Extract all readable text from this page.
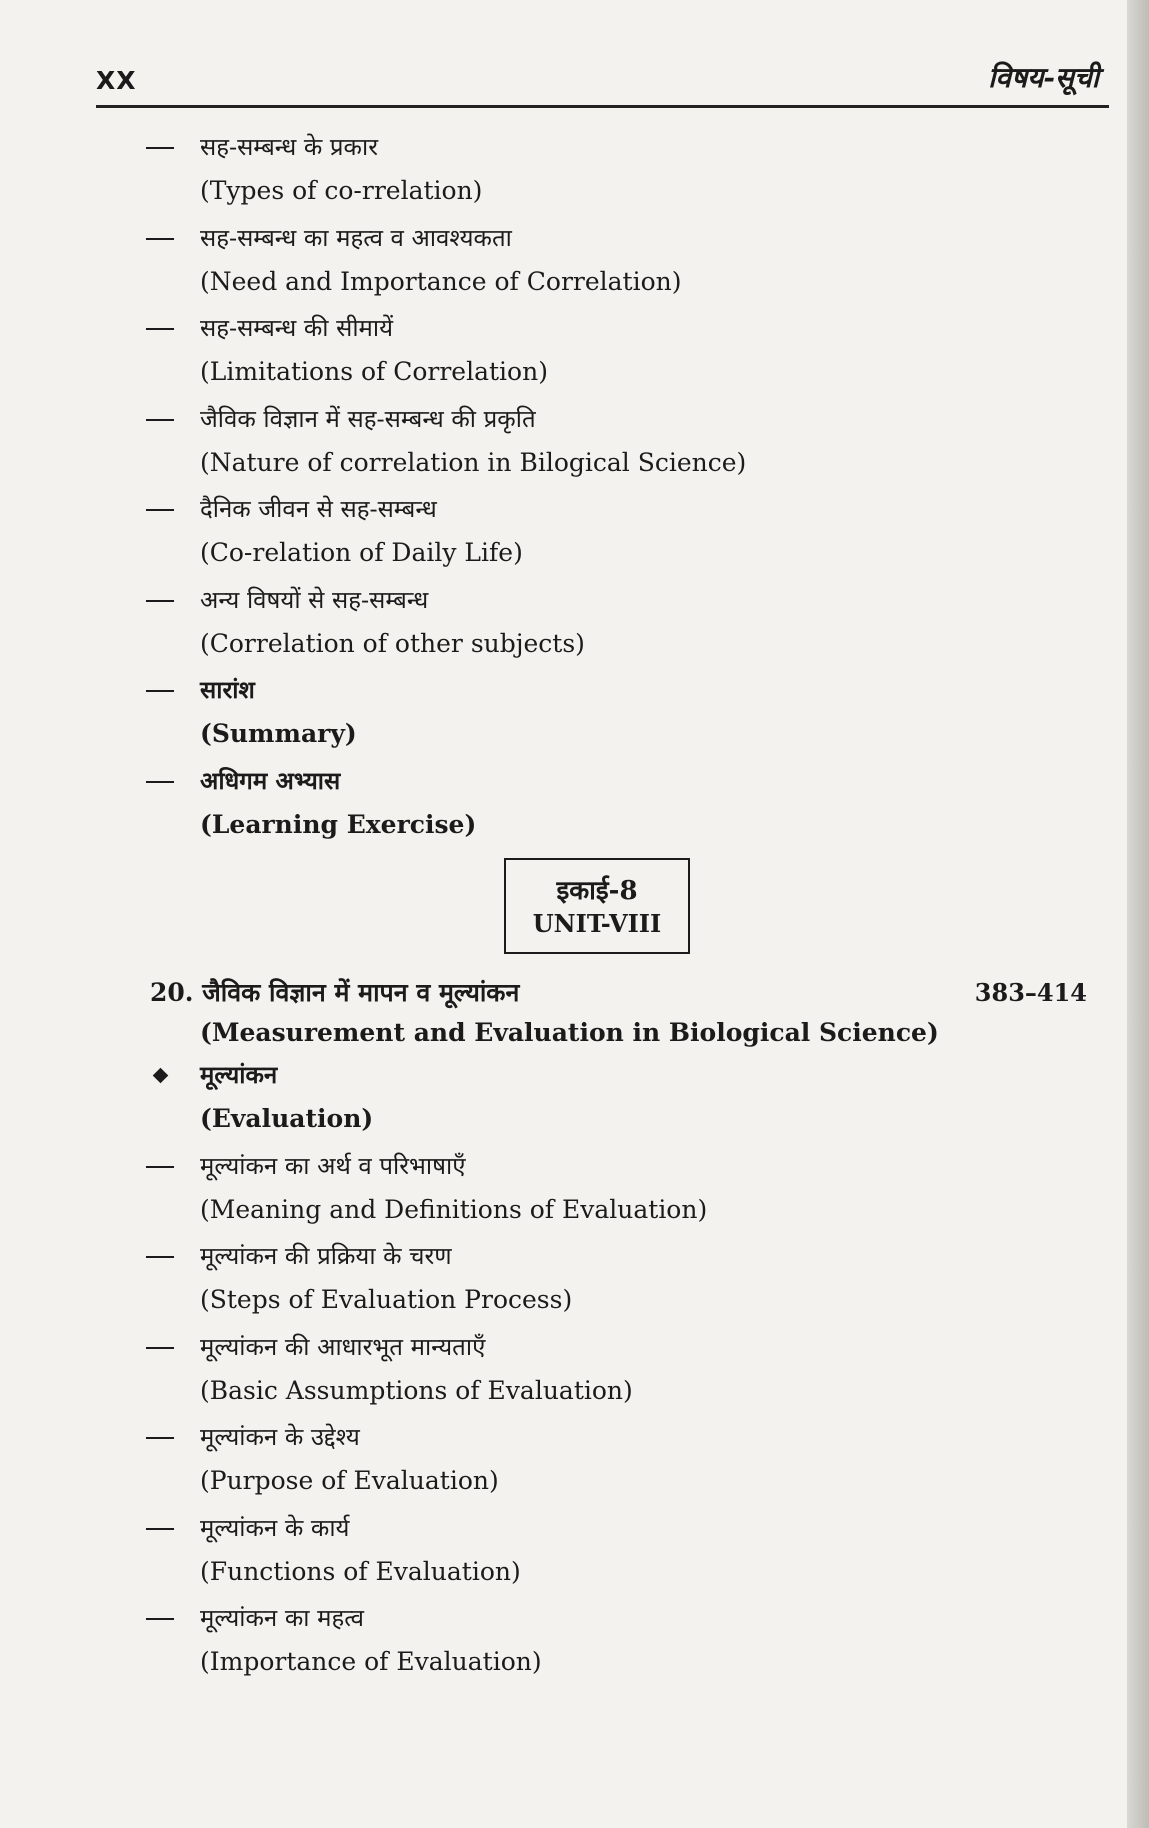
XX	विषय-सूची
सह-सम्बन्ध के प्रकार
(Types of co-rrelation)
सह-सम्बन्ध का महत्व व आवश्यकता
(Need and Importance of Correlation)
सह-सम्बन्ध की सीमायें
(Limitations of Correlation)
जैविक विज्ञान में सह-सम्बन्ध की प्रकृति
(Nature of correlation in Bilogical Science)
दैनिक जीवन से सह-सम्बन्ध
(Co-relation of Daily Life)
अन्य विषयों से सह-सम्बन्ध
(Correlation of other subjects)
सारांश
(Summary)
अधिगम अभ्यास
(Learning Exercise)
20. जैविक विज्ञान में मापन व मूल्यांकन	383–414
(Measurement and Evaluation in Biological Science)
मूल्यांकन
(Evaluation)
मूल्यांकन का अर्थ व परिभाषाएँ
(Meaning and Definitions of Evaluation)
मूल्यांकन की प्रक्रिया के चरण
(Steps of Evaluation Process)
मूल्यांकन की आधारभूत मान्यताएँ
(Basic Assumptions of Evaluation)
मूल्यांकन के उद्देश्य
(Purpose of Evaluation)
मूल्यांकन के कार्य
(Functions of Evaluation)
मूल्यांकन का महत्व
(Importance of Evaluation)
इकाई-8
UNIT-VIII
